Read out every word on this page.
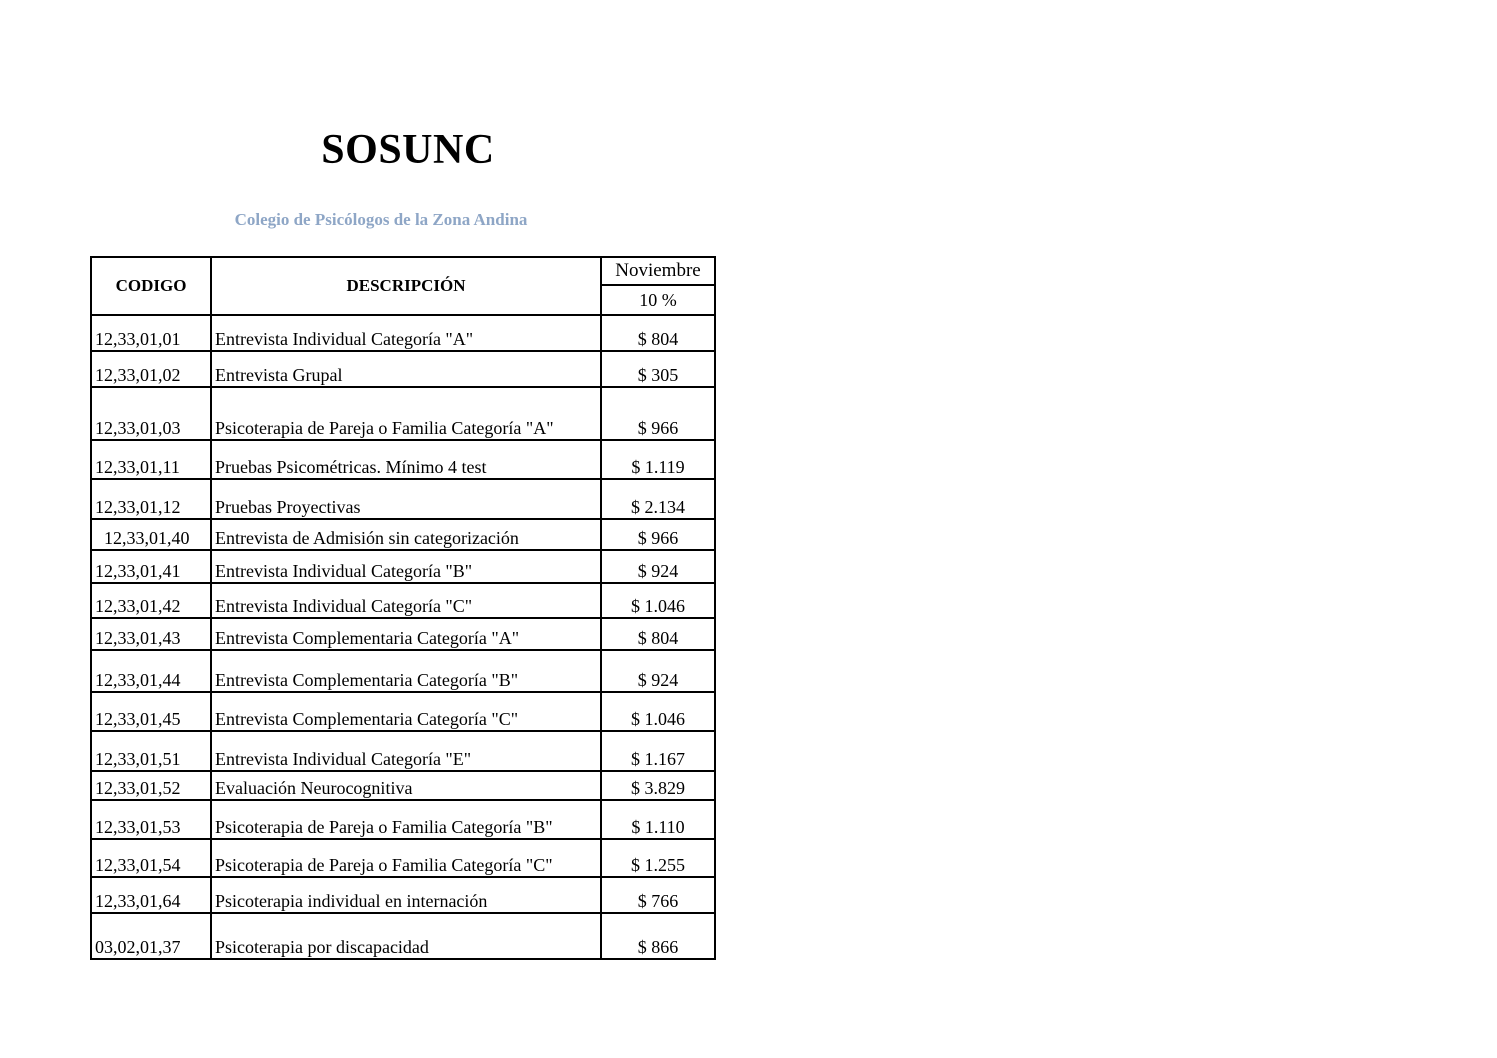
SOSUNC
Colegio de Psicólogos de la Zona Andina
CODIGO	DESCRIPCIÓN	Noviembre
		10 %
12,33,01,01	Entrevista Individual Categoría "A"	$ 804
12,33,01,02	Entrevista Grupal	$ 305
12,33,01,03	Psicoterapia de Pareja o Familia Categoría "A"	$ 966
12,33,01,11	Pruebas Psicométricas. Mínimo 4 test	$ 1.119
12,33,01,12	Pruebas Proyectivas	$ 2.134
12,33,01,40	Entrevista de Admisión sin categorización	$ 966
12,33,01,41	Entrevista Individual Categoría "B"	$ 924
12,33,01,42	Entrevista Individual Categoría "C"	$ 1.046
12,33,01,43	Entrevista Complementaria Categoría "A"	$ 804
12,33,01,44	Entrevista Complementaria Categoría "B"	$ 924
12,33,01,45	Entrevista Complementaria Categoría "C"	$ 1.046
12,33,01,51	Entrevista Individual Categoría "E"	$ 1.167
12,33,01,52	Evaluación Neurocognitiva	$ 3.829
12,33,01,53	Psicoterapia de Pareja o Familia Categoría "B"	$ 1.110
12,33,01,54	Psicoterapia de Pareja o Familia Categoría "C"	$ 1.255
12,33,01,64	Psicoterapia individual en internación	$ 766
03,02,01,37	Psicoterapia por discapacidad	$ 866
